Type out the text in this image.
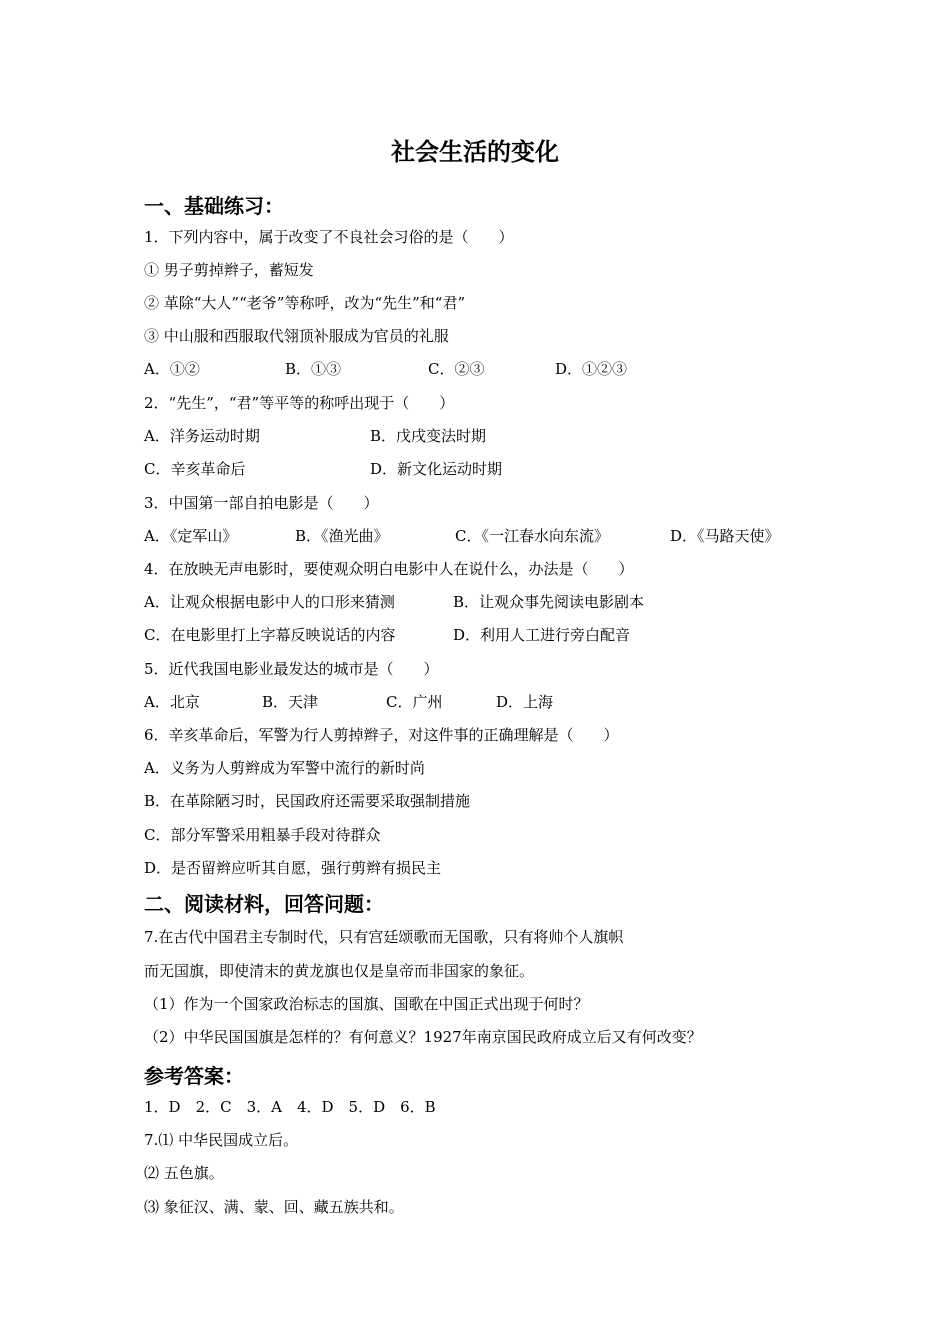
社会生活的变化
一、基础练习：
1．下列内容中，属于改变了不良社会习俗的是（　　）
① 男子剪掉辫子，蓄短发
② 革除“大人”“老爷”等称呼，改为“先生”和“君”
③ 中山服和西服取代翎顶补服成为官员的礼服
A．①②	B．①③	C．②③	D．①②③
2．“先生”，“君”等平等的称呼出现于（　　）
A．洋务运动时期	B．戊戌变法时期
C．辛亥革命后	D．新文化运动时期
3．中国第一部自拍电影是（　　）
A．《定军山》	B．《渔光曲》	C．《一江春水向东流》	D．《马路天使》
4．在放映无声电影时，要使观众明白电影中人在说什么，办法是（　　）
A．让观众根据电影中人的口形来猜测	B．让观众事先阅读电影剧本
C．在电影里打上字幕反映说话的内容	D．利用人工进行旁白配音
5．近代我国电影业最发达的城市是（　　）
A．北京	B．天津	C．广州	D．上海
6．辛亥革命后，军警为行人剪掉辫子，对这件事的正确理解是（　　）
A．义务为人剪辫成为军警中流行的新时尚
B．在革除陋习时，民国政府还需要采取强制措施
C．部分军警采用粗暴手段对待群众
D．是否留辫应听其自愿，强行剪辫有损民主
二、阅读材料，回答问题：
7.在古代中国君主专制时代，只有宫廷颂歌而无国歌，只有将帅个人旗帜
而无国旗，即使清末的黄龙旗也仅是皇帝而非国家的象征。
（1）作为一个国家政治标志的国旗、国歌在中国正式出现于何时？
（2）中华民国国旗是怎样的？有何意义？1927年南京国民政府成立后又有何改变？
参考答案：
1．D　2．C　3．A　4．D　5．D　6．B
7.⑴ 中华民国成立后。
⑵ 五色旗。
⑶ 象征汉、满、蒙、回、藏五族共和。
